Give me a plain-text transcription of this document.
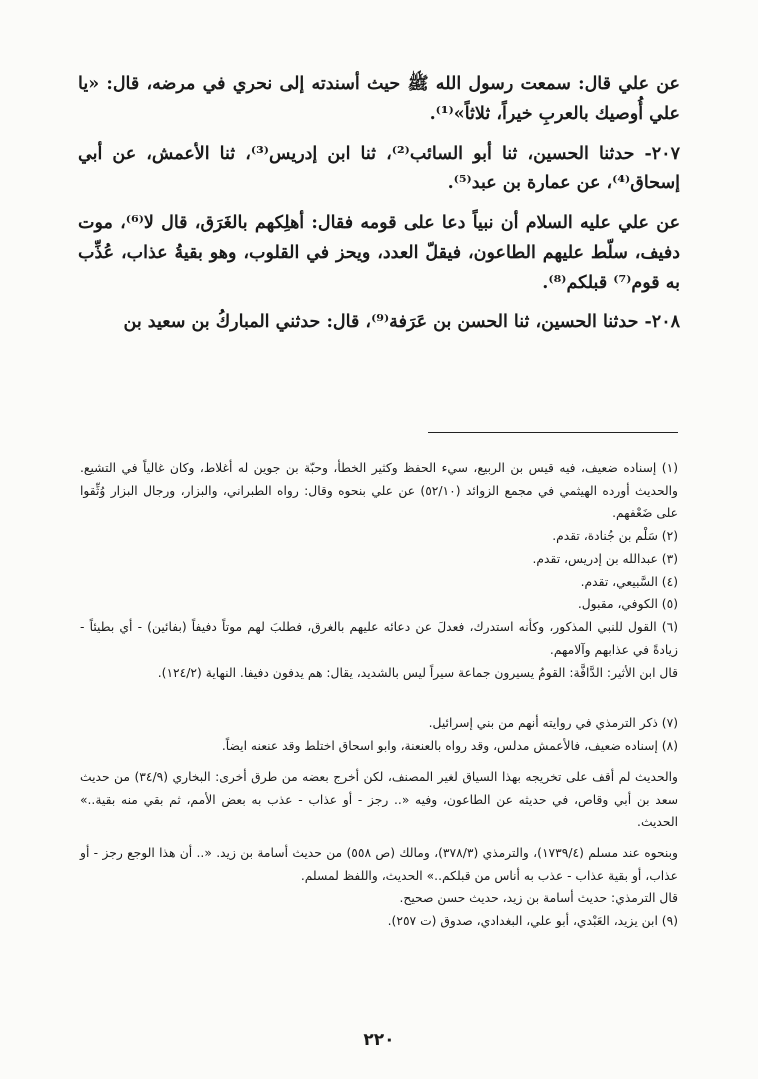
عن علي قال: سمعت رسول الله ﷺ حيث أسندته إلى نحري في مرضه، قال: «يا علي أُوصيك بالعربِ خيراً، ثلاثاً»⁽¹⁾.

٢٠٧- حدثنا الحسين، ثنا أبو السائب⁽²⁾، ثنا ابن إدريس⁽³⁾، ثنا الأعمش، عن أبي إسحاق⁽⁴⁾، عن عمارة بن عبد⁽⁵⁾.

عن علي عليه السلام أن نبياً دعا على قومه فقال: أهلِكهم بالغَرَق، قال لا⁽⁶⁾، موت دفيف، سلّط عليهم الطاعون، فيقلّ العدد، ويحز في القلوب، وهو بقيةُ عذاب، عُذِّب به قوم⁽⁷⁾ قبلكم⁽⁸⁾.

٢٠٨- حدثنا الحسين، ثنا الحسن بن عَرَفة⁽⁹⁾، قال: حدثني المباركُ بن سعيد بن

(١) إسناده ضعيف، فيه قيس بن الربيع، سيء الحفظ وكثير الخطأ، وحبّة بن جوين له أغلاط، وكان غالياً في التشيع. والحديث أورده الهيثمي في مجمع الزوائد (٥٢/١٠) عن علي بنحوه وقال: رواه الطبراني، والبزار، ورجال البزار وُثِّقوا على ضَعْفهم.

(٢) سَلْم بن جُنادة، تقدم.

(٣) عبدالله بن إدريس، تقدم.

(٤) السَّبيعي، تقدم.

(٥) الكوفي، مقبول.

(٦) القول للنبي المذكور، وكأنه استدرك، فعدلَ عن دعائه عليهم بالغرق، فطلبَ لهم موتاً دفيفاً (بفائين) - أي بطيئاً - زيادةً في عذابهم وآلامهم.

قال ابن الأثير: الدَّافَّة: القومُ يسيرون جماعة سيراً ليس بالشديد، يقال: هم يدفون دفيفا. النهاية (١٢٤/٢).

(٧) ذكر الترمذي في روايته أنهم من بني إسرائيل.

(٨) إسناده ضعيف، فالأعمش مدلس، وقد رواه بالعنعنة، وابو اسحاق اختلط وقد عنعنه ايضاً.

والحديث لم أقف على تخريجه بهذا السياق لغير المصنف، لكن أخرج بعضه من طرق أخرى: البخاري (٣٤/٩) من حديث سعد بن أبي وقاص، في حديثه عن الطاعون، وفيه «.. رجز - أو عذاب - عذب به بعض الأمم، ثم بقي منه بقية..» الحديث.

وبنحوه عند مسلم (١٧٣٩/٤)، والترمذي (٣٧٨/٣)، ومالك (ص ٥٥٨) من حديث أسامة بن زيد. «.. أن هذا الوجع رجز - أو عذاب، أو بقية عذاب - عذب به أناس من قبلكم..» الحديث، واللفظ لمسلم.

قال الترمذي: حديث أسامة بن زيد، حديث حسن صحيح.

(٩) ابن يزيد، العَبْدي، أبو علي، البغدادي، صدوق (ت ٢٥٧).

٢٢٠
